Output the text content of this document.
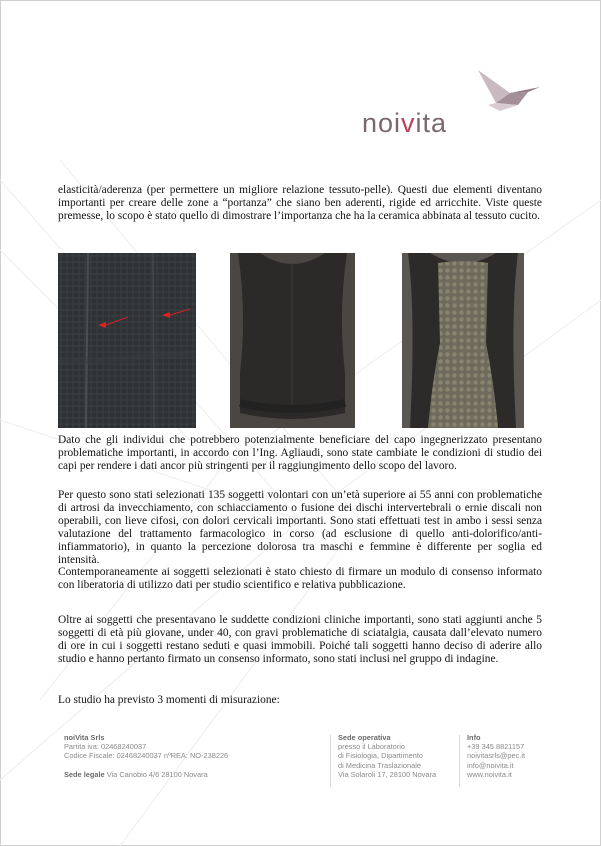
noivita

elasticità/aderenza (per permettere un migliore relazione tessuto-pelle). Questi due elementi diventano importanti per creare delle zone a “portanza” che siano ben aderenti, rigide ed arricchite. Viste queste premesse, lo scopo è stato quello di dimostrare l’importanza che ha la ceramica abbinata al tessuto cucito.

Dato che gli individui che potrebbero potenzialmente beneficiare del capo ingegnerizzato presentano problematiche importanti, in accordo con l’Ing. Agliaudi, sono state cambiate le condizioni di studio dei capi per rendere i dati ancor più stringenti per il raggiungimento dello scopo del lavoro.

Per questo sono stati selezionati 135 soggetti volontari con un’età superiore ai 55 anni con problematiche di artrosi da invecchiamento, con schiacciamento o fusione dei dischi intervertebrali o ernie discali non operabili, con lieve cifosi, con dolori cervicali importanti. Sono stati effettuati test in ambo i sessi senza valutazione del trattamento farmacologico in corso (ad esclusione di quello anti-dolorifico/anti-infiammatorio), in quanto la percezione dolorosa tra maschi e femmine è differente per soglia ed intensità.

Contemporaneamente ai soggetti selezionati è stato chiesto di firmare un modulo di consenso informato con liberatoria di utilizzo dati per studio scientifico e relativa pubblicazione.

Oltre ai soggetti che presentavano le suddette condizioni cliniche importanti, sono stati aggiunti anche 5 soggetti di età più giovane, under 40, con gravi problematiche di sciatalgia, causata dall’elevato numero di ore in cui i soggetti restano seduti e quasi immobili. Poiché tali soggetti hanno deciso di aderire allo studio e hanno pertanto firmato un consenso informato, sono stati inclusi nel gruppo di indagine.

Lo studio ha previsto 3 momenti di misurazione:

noiVita Srls
Partita iva: 02468240037
Codice Fiscale: 02468240037 nºREA: NO-238226
Sede legale Via Canobio 4/6 28100 Novara
Sede operativa
presso il Laboratorio
di Fisiologia, Dipartimento
di Medicina Traslazionale
Via Solaroli 17, 28100 Novara
Info
+39 345 8821157
noivitasrls@pec.it
info@noivita.it
www.noivita.it
